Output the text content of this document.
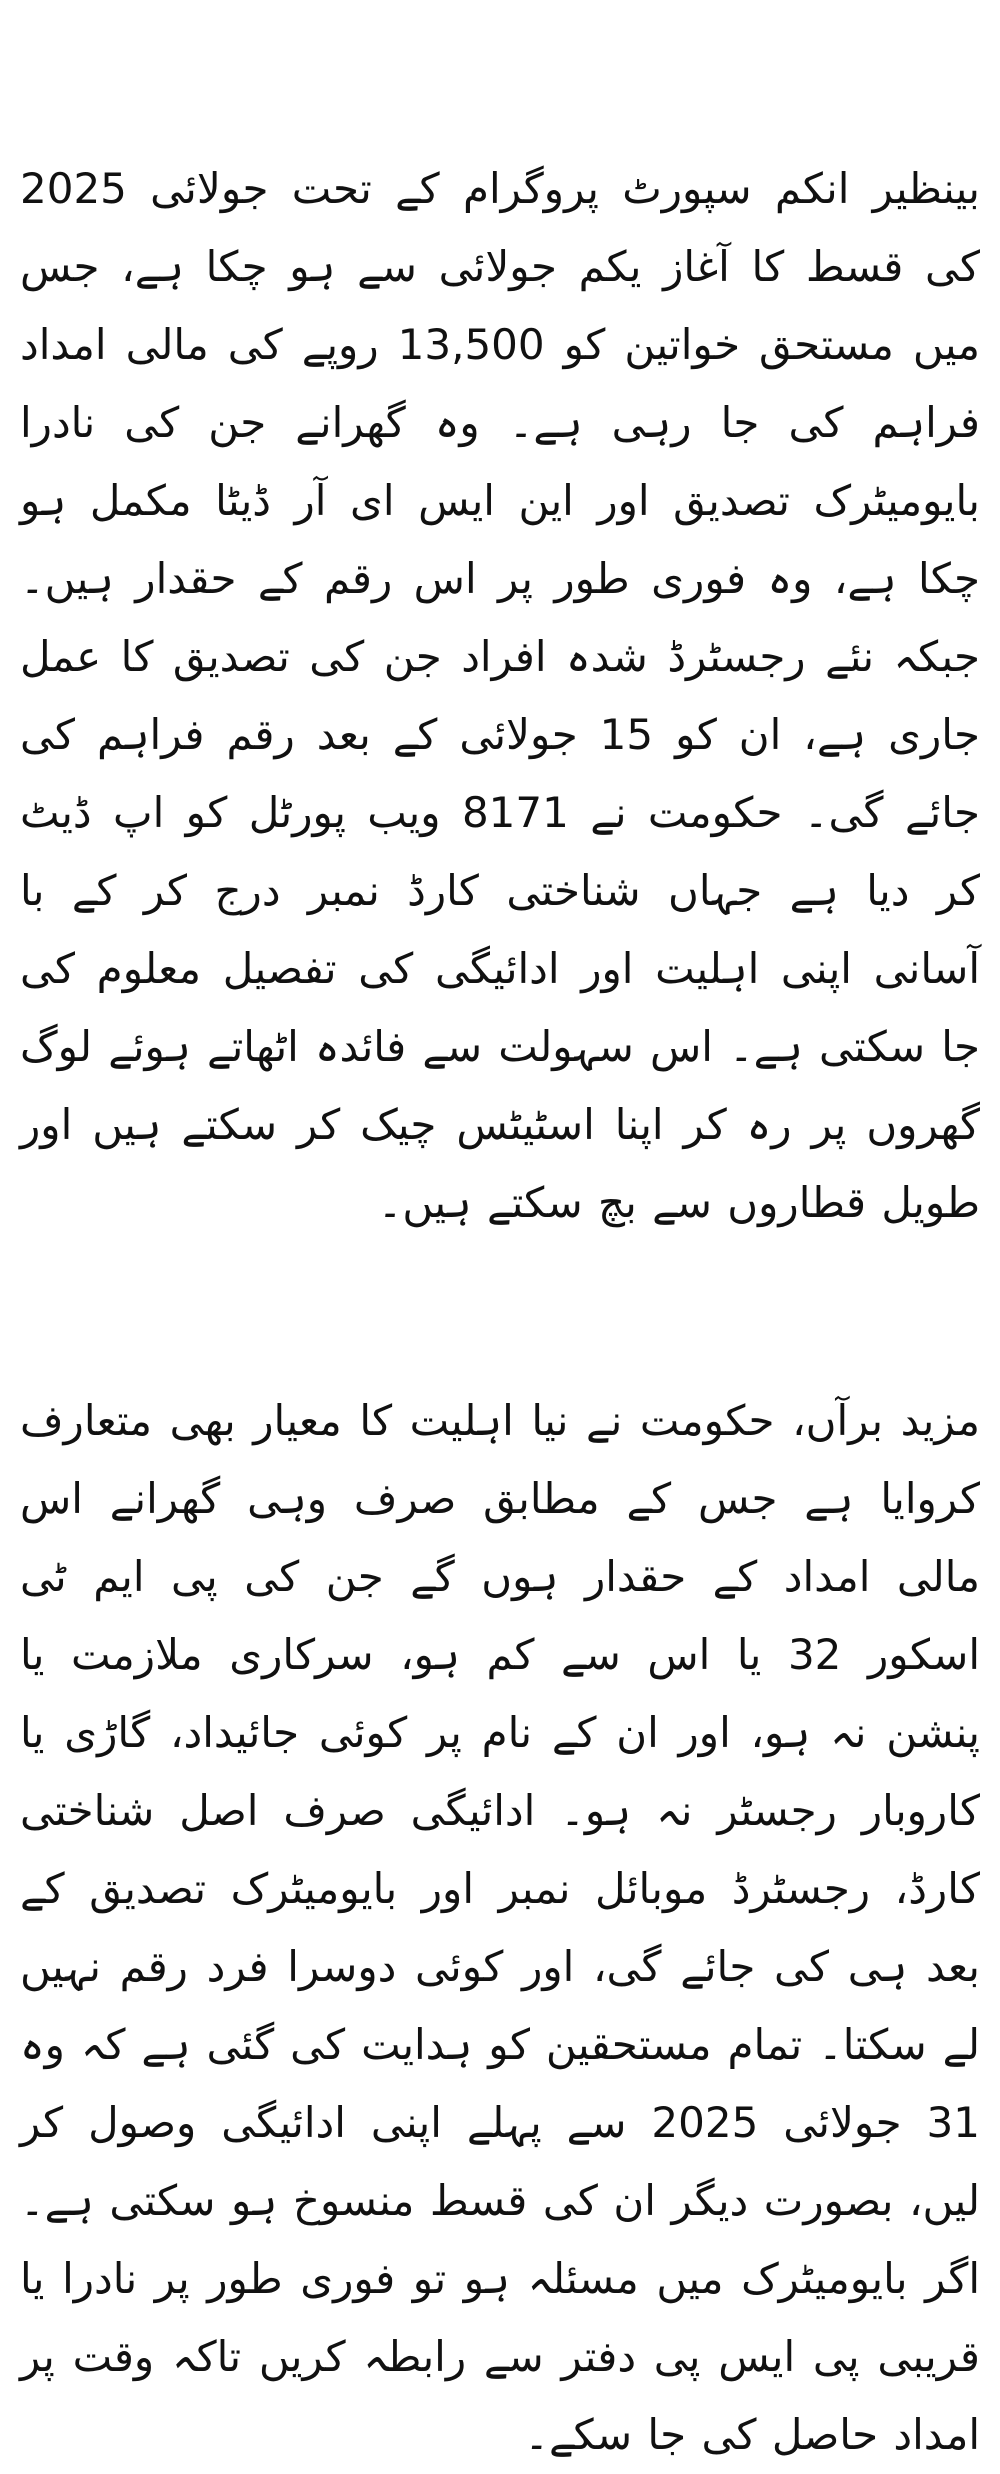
بینظیر انکم سپورٹ پروگرام کے تحت جولائی 2025 کی قسط کا آغاز یکم جولائی سے ہو چکا ہے، جس میں مستحق خواتین کو 13,500 روپے کی مالی امداد فراہم کی جا رہی ہے۔ وہ گھرانے جن کی نادرا بایومیٹرک تصدیق اور این ایس ای آر ڈیٹا مکمل ہو چکا ہے، وہ فوری طور پر اس رقم کے حقدار ہیں۔ جبکہ نئے رجسٹرڈ شدہ افراد جن کی تصدیق کا عمل جاری ہے، ان کو 15 جولائی کے بعد رقم فراہم کی جائے گی۔ حکومت نے 8171 ویب پورٹل کو اپ ڈیٹ کر دیا ہے جہاں شناختی کارڈ نمبر درج کر کے با آسانی اپنی اہلیت اور ادائیگی کی تفصیل معلوم کی جا سکتی ہے۔ اس سہولت سے فائدہ اٹھاتے ہوئے لوگ گھروں پر رہ کر اپنا اسٹیٹس چیک کر سکتے ہیں اور طویل قطاروں سے بچ سکتے ہیں۔

مزید برآں، حکومت نے نیا اہلیت کا معیار بھی متعارف کروایا ہے جس کے مطابق صرف وہی گھرانے اس مالی امداد کے حقدار ہوں گے جن کی پی ایم ٹی اسکور 32 یا اس سے کم ہو، سرکاری ملازمت یا پنشن نہ ہو، اور ان کے نام پر کوئی جائیداد، گاڑی یا کاروبار رجسٹر نہ ہو۔ ادائیگی صرف اصل شناختی کارڈ، رجسٹرڈ موبائل نمبر اور بایومیٹرک تصدیق کے بعد ہی کی جائے گی، اور کوئی دوسرا فرد رقم نہیں لے سکتا۔ تمام مستحقین کو ہدایت کی گئی ہے کہ وہ 31 جولائی 2025 سے پہلے اپنی ادائیگی وصول کر لیں، بصورت دیگر ان کی قسط منسوخ ہو سکتی ہے۔ اگر بایومیٹرک میں مسئلہ ہو تو فوری طور پر نادرا یا قریبی پی ایس پی دفتر سے رابطہ کریں تاکہ وقت پر امداد حاصل کی جا سکے۔
